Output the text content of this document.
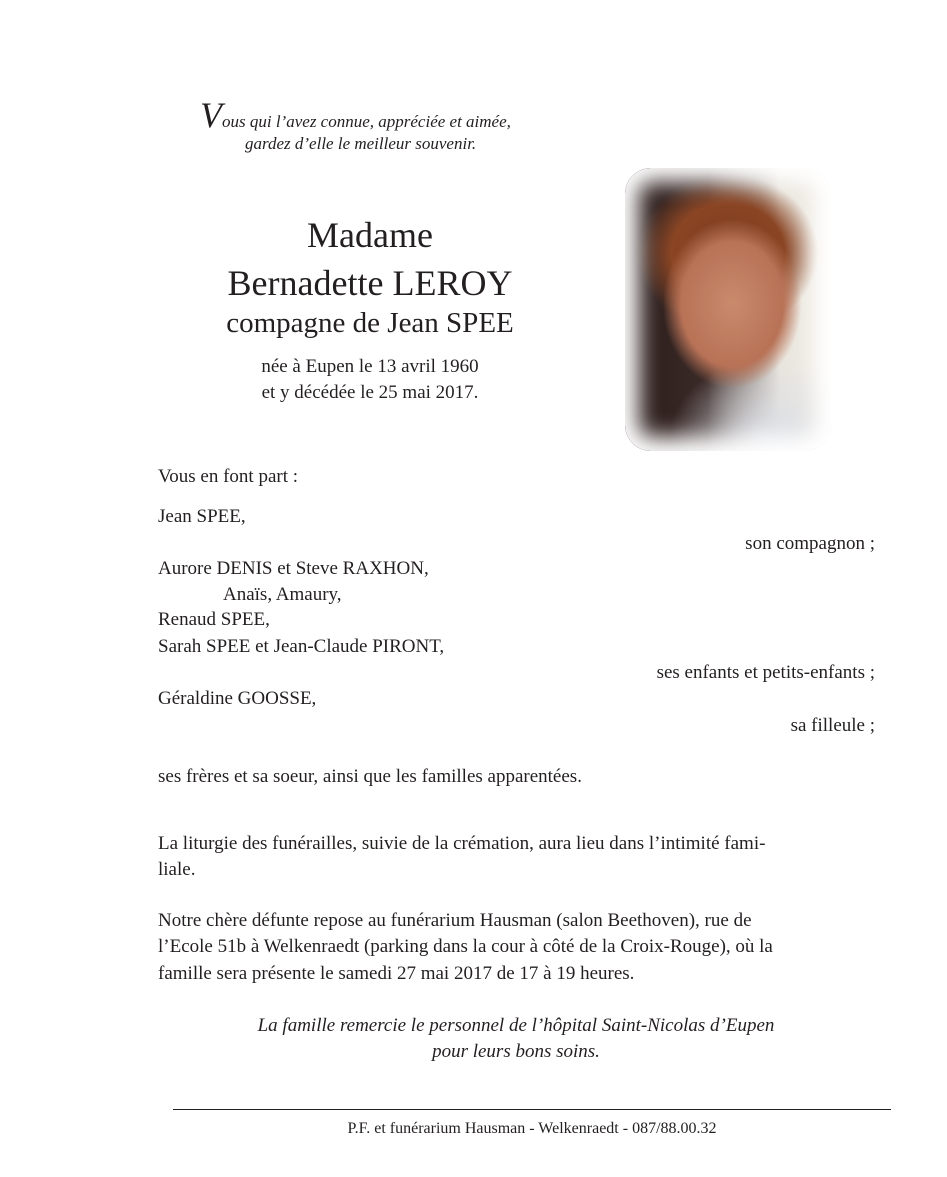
Vous qui l’avez connue, appréciée et aimée,
gardez d’elle le meilleur souvenir.
Madame
Bernadette LEROY
compagne de Jean SPEE
née à Eupen le 13 avril 1960
et y décédée le 25 mai 2017.
Vous en font part :
Jean SPEE,
son compagnon ;
Aurore DENIS et Steve RAXHON,
Anaïs, Amaury,
Renaud SPEE,
Sarah SPEE et Jean-Claude PIRONT,
ses enfants et petits-enfants ;
Géraldine GOOSSE,
sa filleule ;
ses frères et sa soeur, ainsi que les familles apparentées.
La liturgie des funérailles, suivie de la crémation, aura lieu dans l’intimité fami-
liale.
Notre chère défunte repose au funérarium Hausman (salon Beethoven), rue de
l’Ecole 51b à Welkenraedt (parking dans la cour à côté de la Croix-Rouge), où la
famille sera présente le samedi 27 mai 2017 de 17 à 19 heures.
La famille remercie le personnel de l’hôpital Saint-Nicolas d’Eupen
pour leurs bons soins.
P.F. et funérarium Hausman - Welkenraedt - 087/88.00.32
